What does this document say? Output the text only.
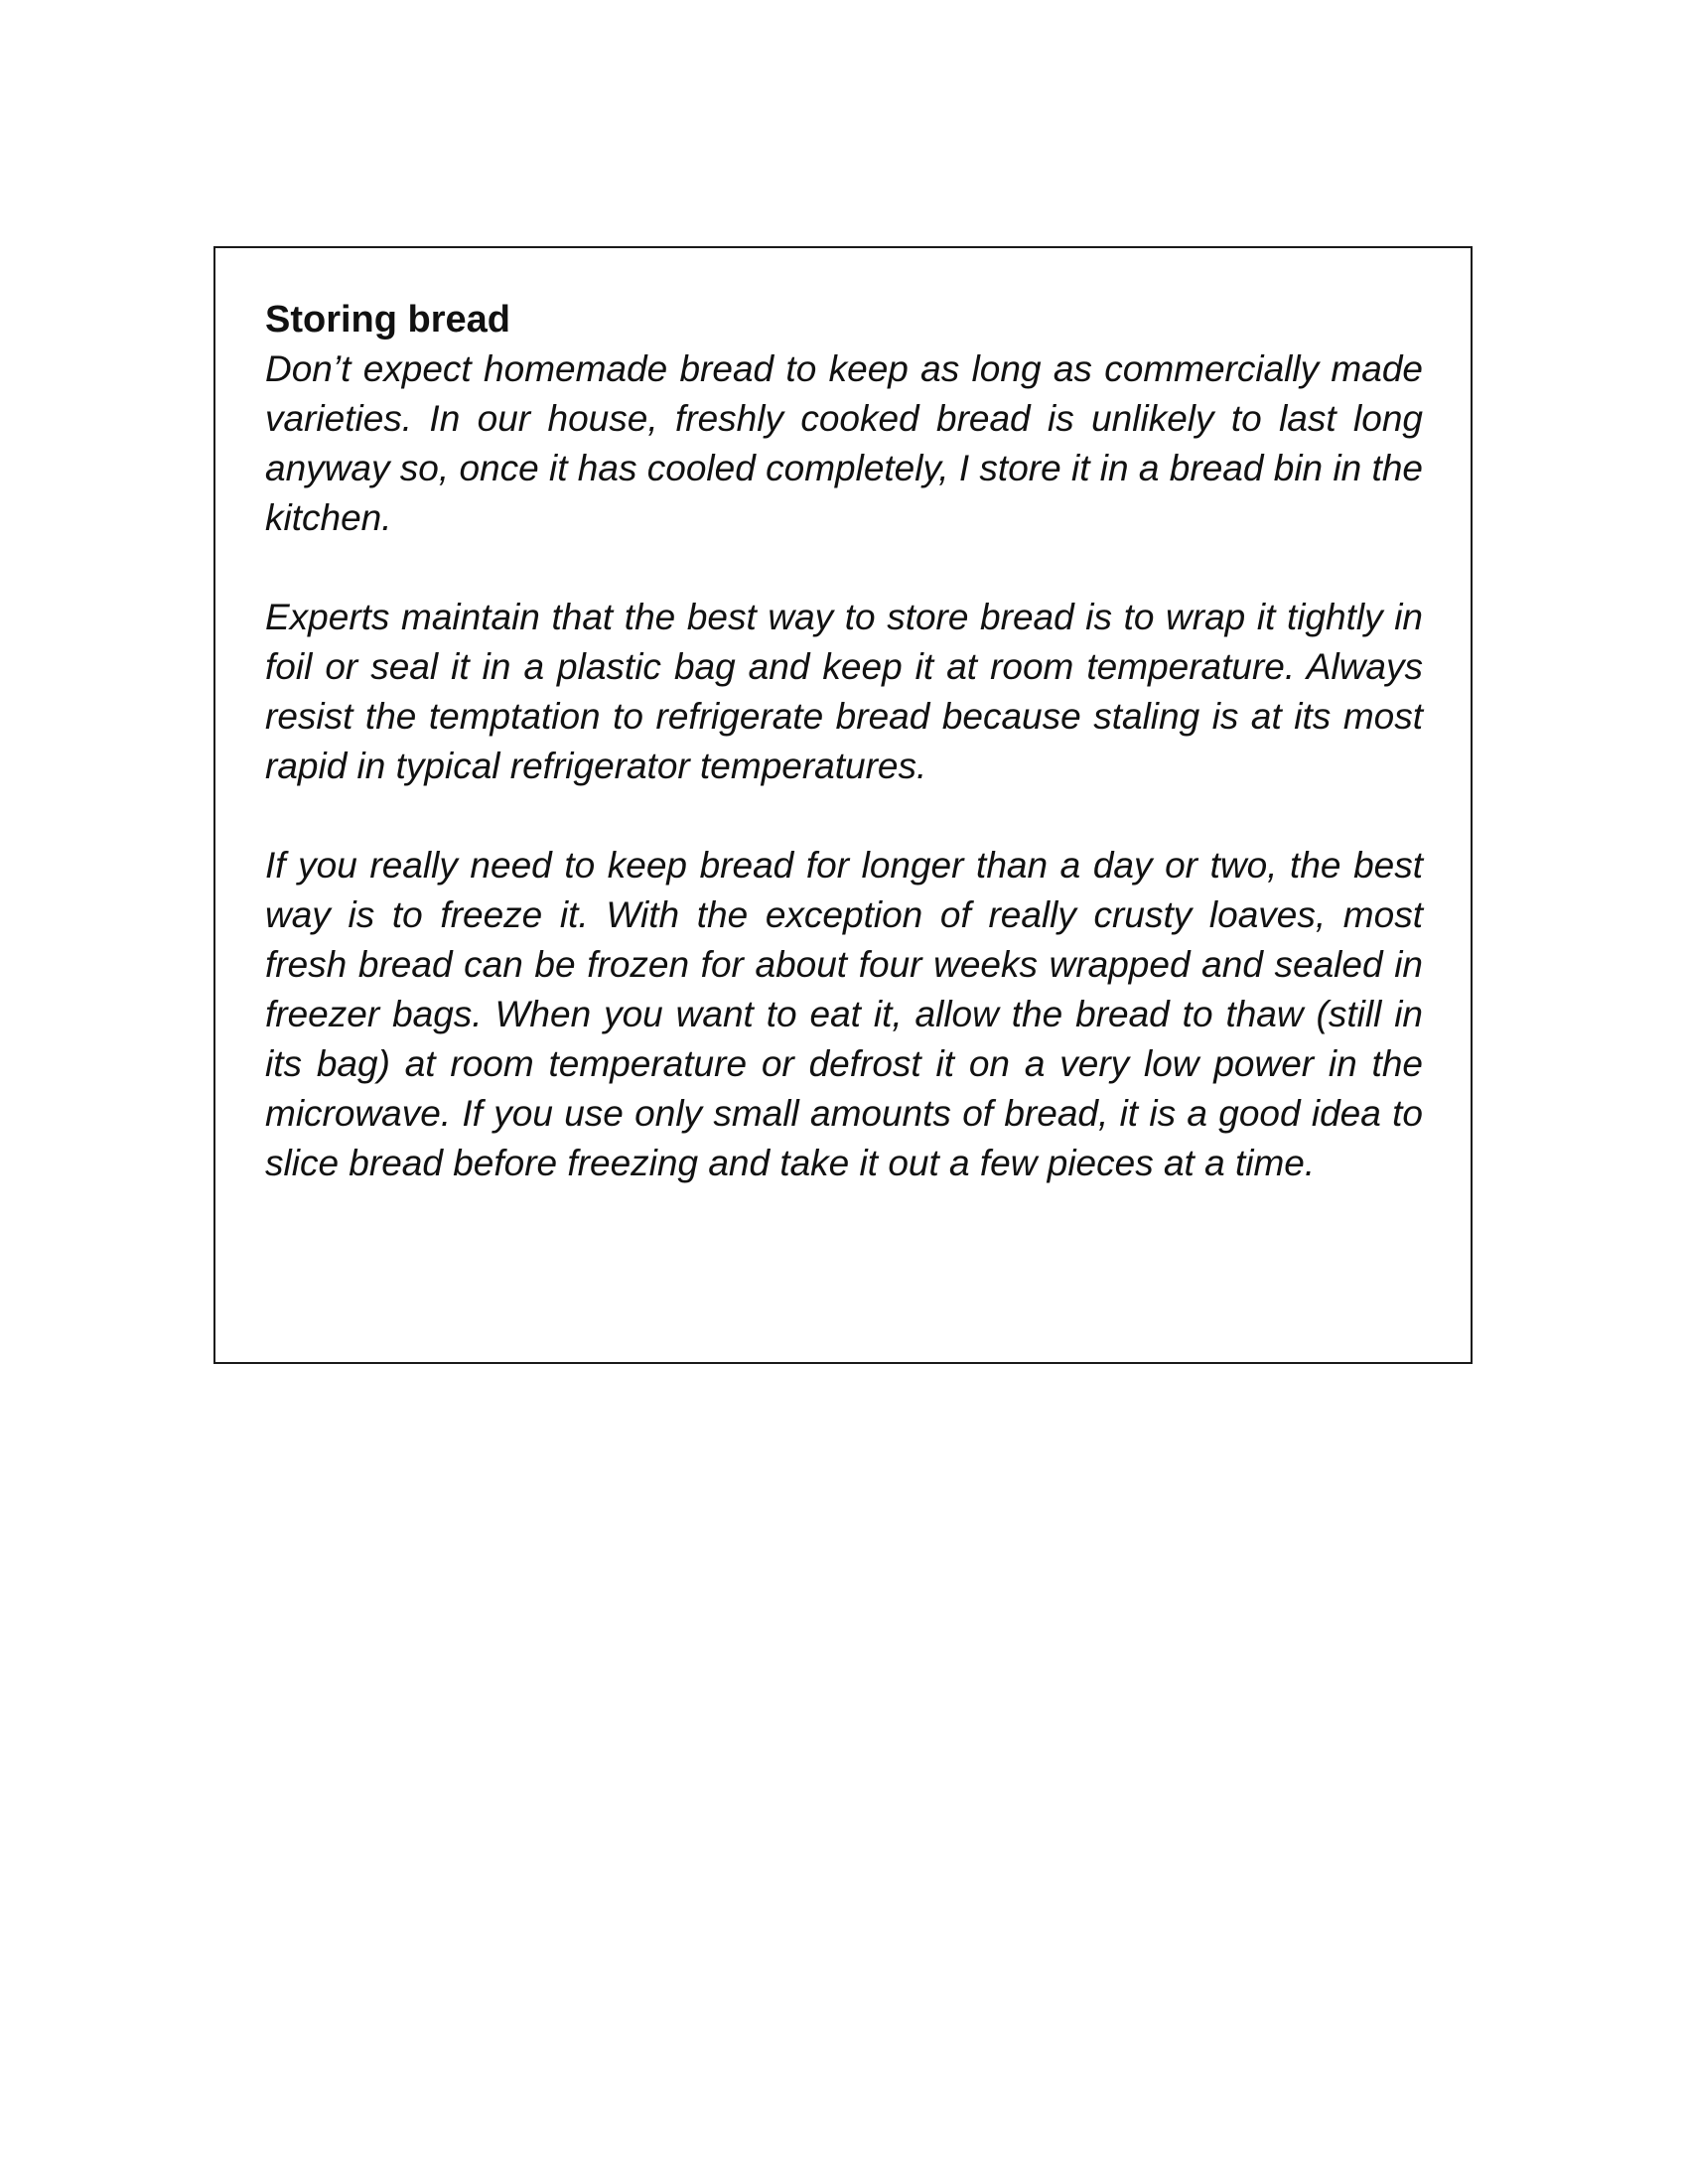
Storing bread

Don’t expect homemade bread to keep as long as commercially made varieties. In our house, freshly cooked bread is unlikely to last long anyway so, once it has cooled completely, I store it in a bread bin in the kitchen.

Experts maintain that the best way to store bread is to wrap it tightly in foil or seal it in a plastic bag and keep it at room temperature. Always resist the temptation to refrigerate bread because staling is at its most rapid in typical refrigerator temperatures.

If you really need to keep bread for longer than a day or two, the best way is to freeze it. With the exception of really crusty loaves, most fresh bread can be frozen for about four weeks wrapped and sealed in freezer bags. When you want to eat it, allow the bread to thaw (still in its bag) at room temperature or defrost it on a very low power in the microwave. If you use only small amounts of bread, it is a good idea to slice bread before freezing and take it out a few pieces at a time.
